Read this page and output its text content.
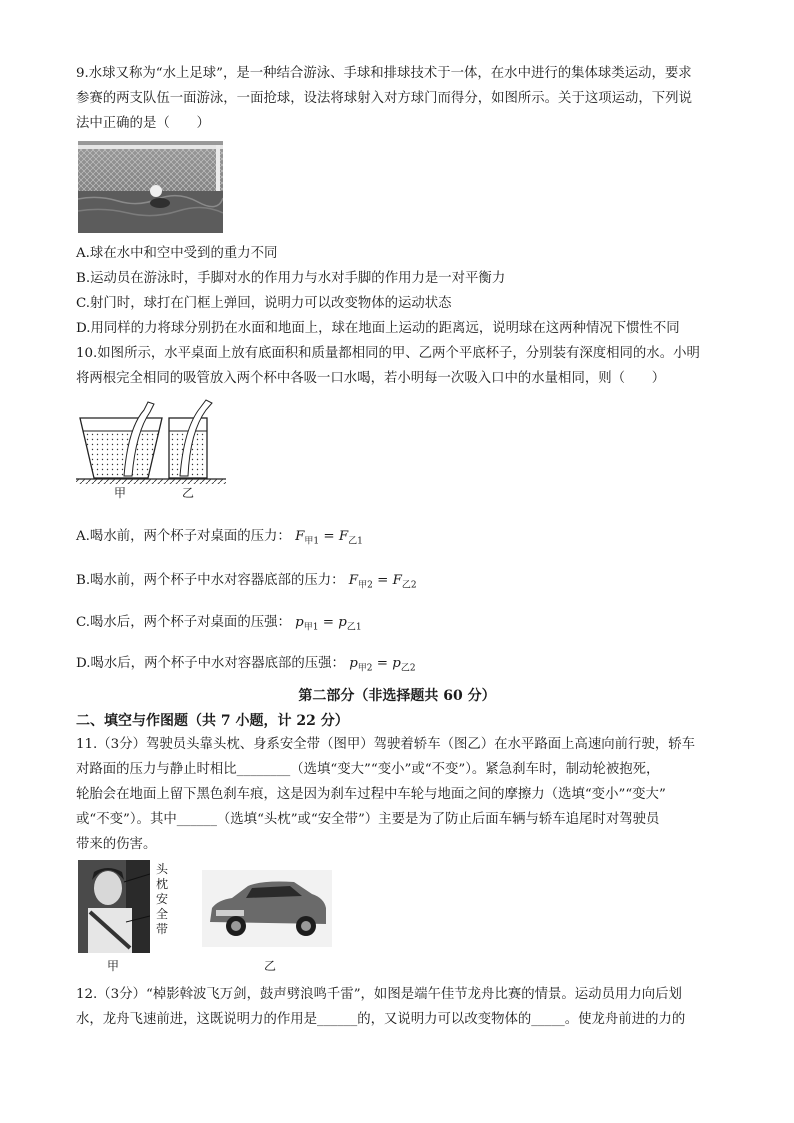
9.水球又称为“水上足球”，是一种结合游泳、手球和排球技术于一体，在水中进行的集体球类运动，要求
参赛的两支队伍一面游泳，一面抢球，设法将球射入对方球门而得分，如图所示。关于这项运动，下列说
法中正确的是（　　）
A.球在水中和空中受到的重力不同
B.运动员在游泳时，手脚对水的作用力与水对手脚的作用力是一对平衡力
C.射门时，球打在门框上弹回，说明力可以改变物体的运动状态
D.用同样的力将球分别扔在水面和地面上，球在地面上运动的距离远，说明球在这两种情况下惯性不同
10.如图所示，水平桌面上放有底面积和质量都相同的甲、乙两个平底杯子，分别装有深度相同的水。小明
将两根完全相同的吸管放入两个杯中各吸一口水喝，若小明每一次吸入口中的水量相同，则（　　）
甲	乙
A.喝水前，两个杯子对桌面的压力： $F_{甲1} = F_{乙1}$
B.喝水前，两个杯子中水对容器底部的压力： $F_{甲2} = F_{乙2}$
C.喝水后，两个杯子对桌面的压强： $p_{甲1} = p_{乙1}$
D.喝水后，两个杯子中水对容器底部的压强： $p_{甲2} = p_{乙2}$
第二部分（非选择题共 60 分）
二、填空与作图题（共 7 小题，计 22 分）
11.（3分）驾驶员头靠头枕、身系安全带（图甲）驾驶着轿车（图乙）在水平路面上高速向前行驶，轿车
对路面的压力与静止时相比________（选填“变大”“变小”或“不变”）。紧急刹车时，制动轮被抱死，
轮胎会在地面上留下黑色刹车痕，这是因为刹车过程中车轮与地面之间的摩擦力（选填“变小”“变大”
或“不变”）。其中______（选填“头枕”或“安全带”）主要是为了防止后面车辆与轿车追尾时对驾驶员
带来的伤害。
头
枕
安
全
带
甲	乙
12.（3分）“棹影斡波飞万剑，鼓声劈浪鸣千雷”，如图是端午佳节龙舟比赛的情景。运动员用力向后划
水，龙舟飞速前进，这既说明力的作用是______的，又说明力可以改变物体的_____。使龙舟前进的力的
